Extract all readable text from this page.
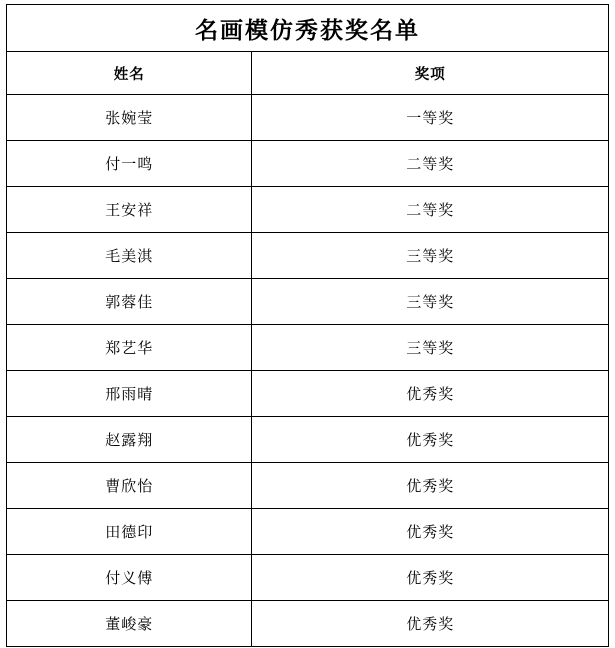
名画模仿秀获奖名单	
姓名	奖项
张婉莹	一等奖
付一鸣	二等奖
王安祥	二等奖
毛美淇	三等奖
郭蓉佳	三等奖
郑艺华	三等奖
邢雨晴	优秀奖
赵露翔	优秀奖
曹欣怡	优秀奖
田德印	优秀奖
付义傅	优秀奖
董峻豪	优秀奖
